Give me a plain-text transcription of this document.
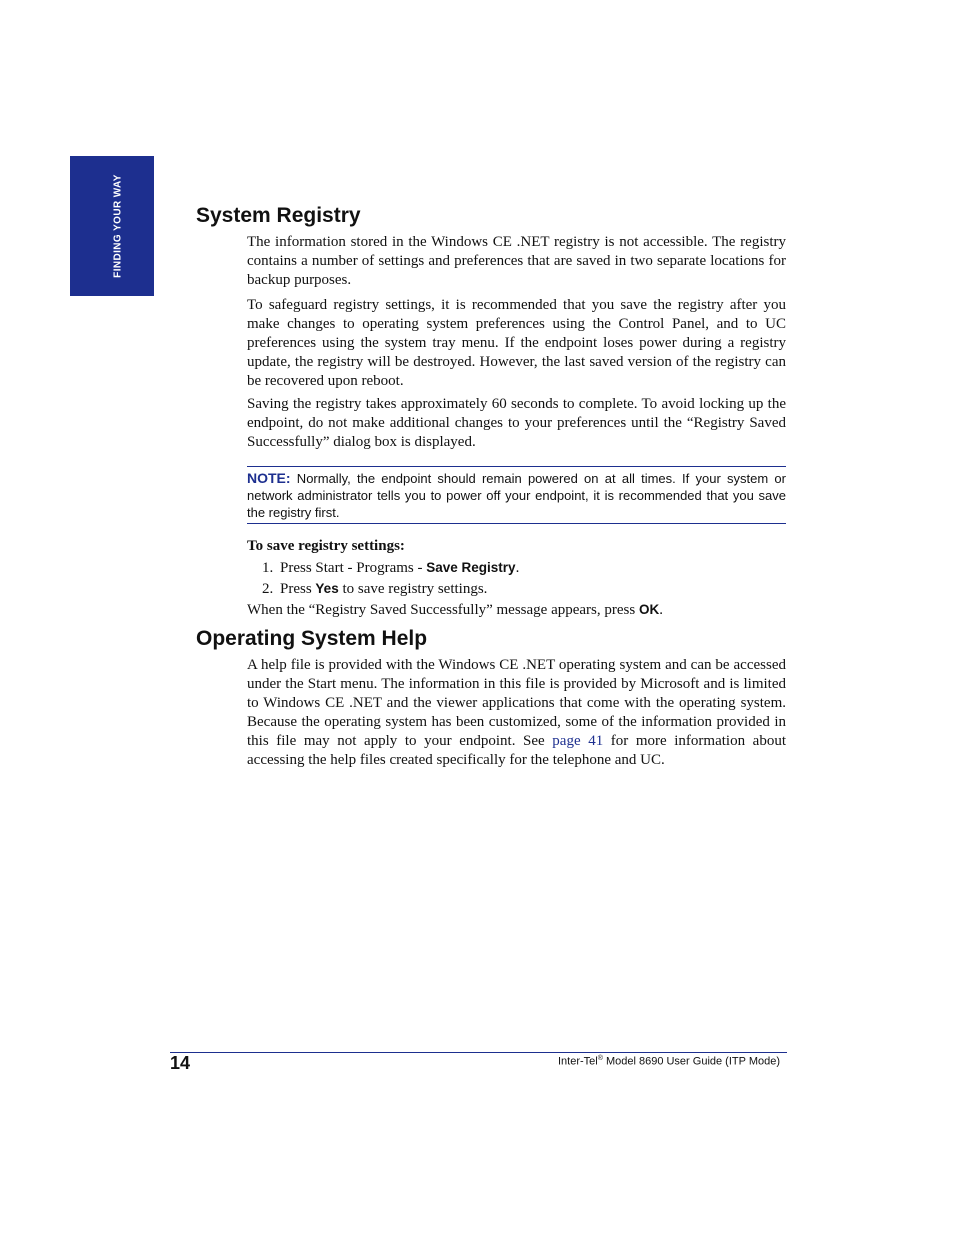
FINDING YOUR WAY	System Registry

The information stored in the Windows CE .NET registry is not accessible. The registry contains a number of settings and preferences that are saved in two separate locations for backup purposes.

To safeguard registry settings, it is recommended that you save the registry after you make changes to operating system preferences using the Control Panel, and to UC preferences using the system tray menu. If the endpoint loses power during a registry update, the registry will be destroyed. However, the last saved version of the registry can be recovered upon reboot.

Saving the registry takes approximately 60 seconds to complete. To avoid locking up the endpoint, do not make additional changes to your preferences until the “Registry Saved Successfully” dialog box is displayed.

NOTE: Normally, the endpoint should remain powered on at all times. If your system or network administrator tells you to power off your endpoint, it is recommended that you save the registry first.

To save registry settings:

1. Press Start - Programs - Save Registry.
2. Press Yes to save registry settings.

When the “Registry Saved Successfully” message appears, press OK.

Operating System Help

A help file is provided with the Windows CE .NET operating system and can be accessed under the Start menu. The information in this file is provided by Microsoft and is limited to Windows CE .NET and the viewer applications that come with the operating system. Because the operating system has been customized, some of the information provided in this file may not apply to your endpoint. See page 41 for more information about accessing the help files created specifically for the telephone and UC.

14	Inter-Tel® Model 8690 User Guide (ITP Mode)
